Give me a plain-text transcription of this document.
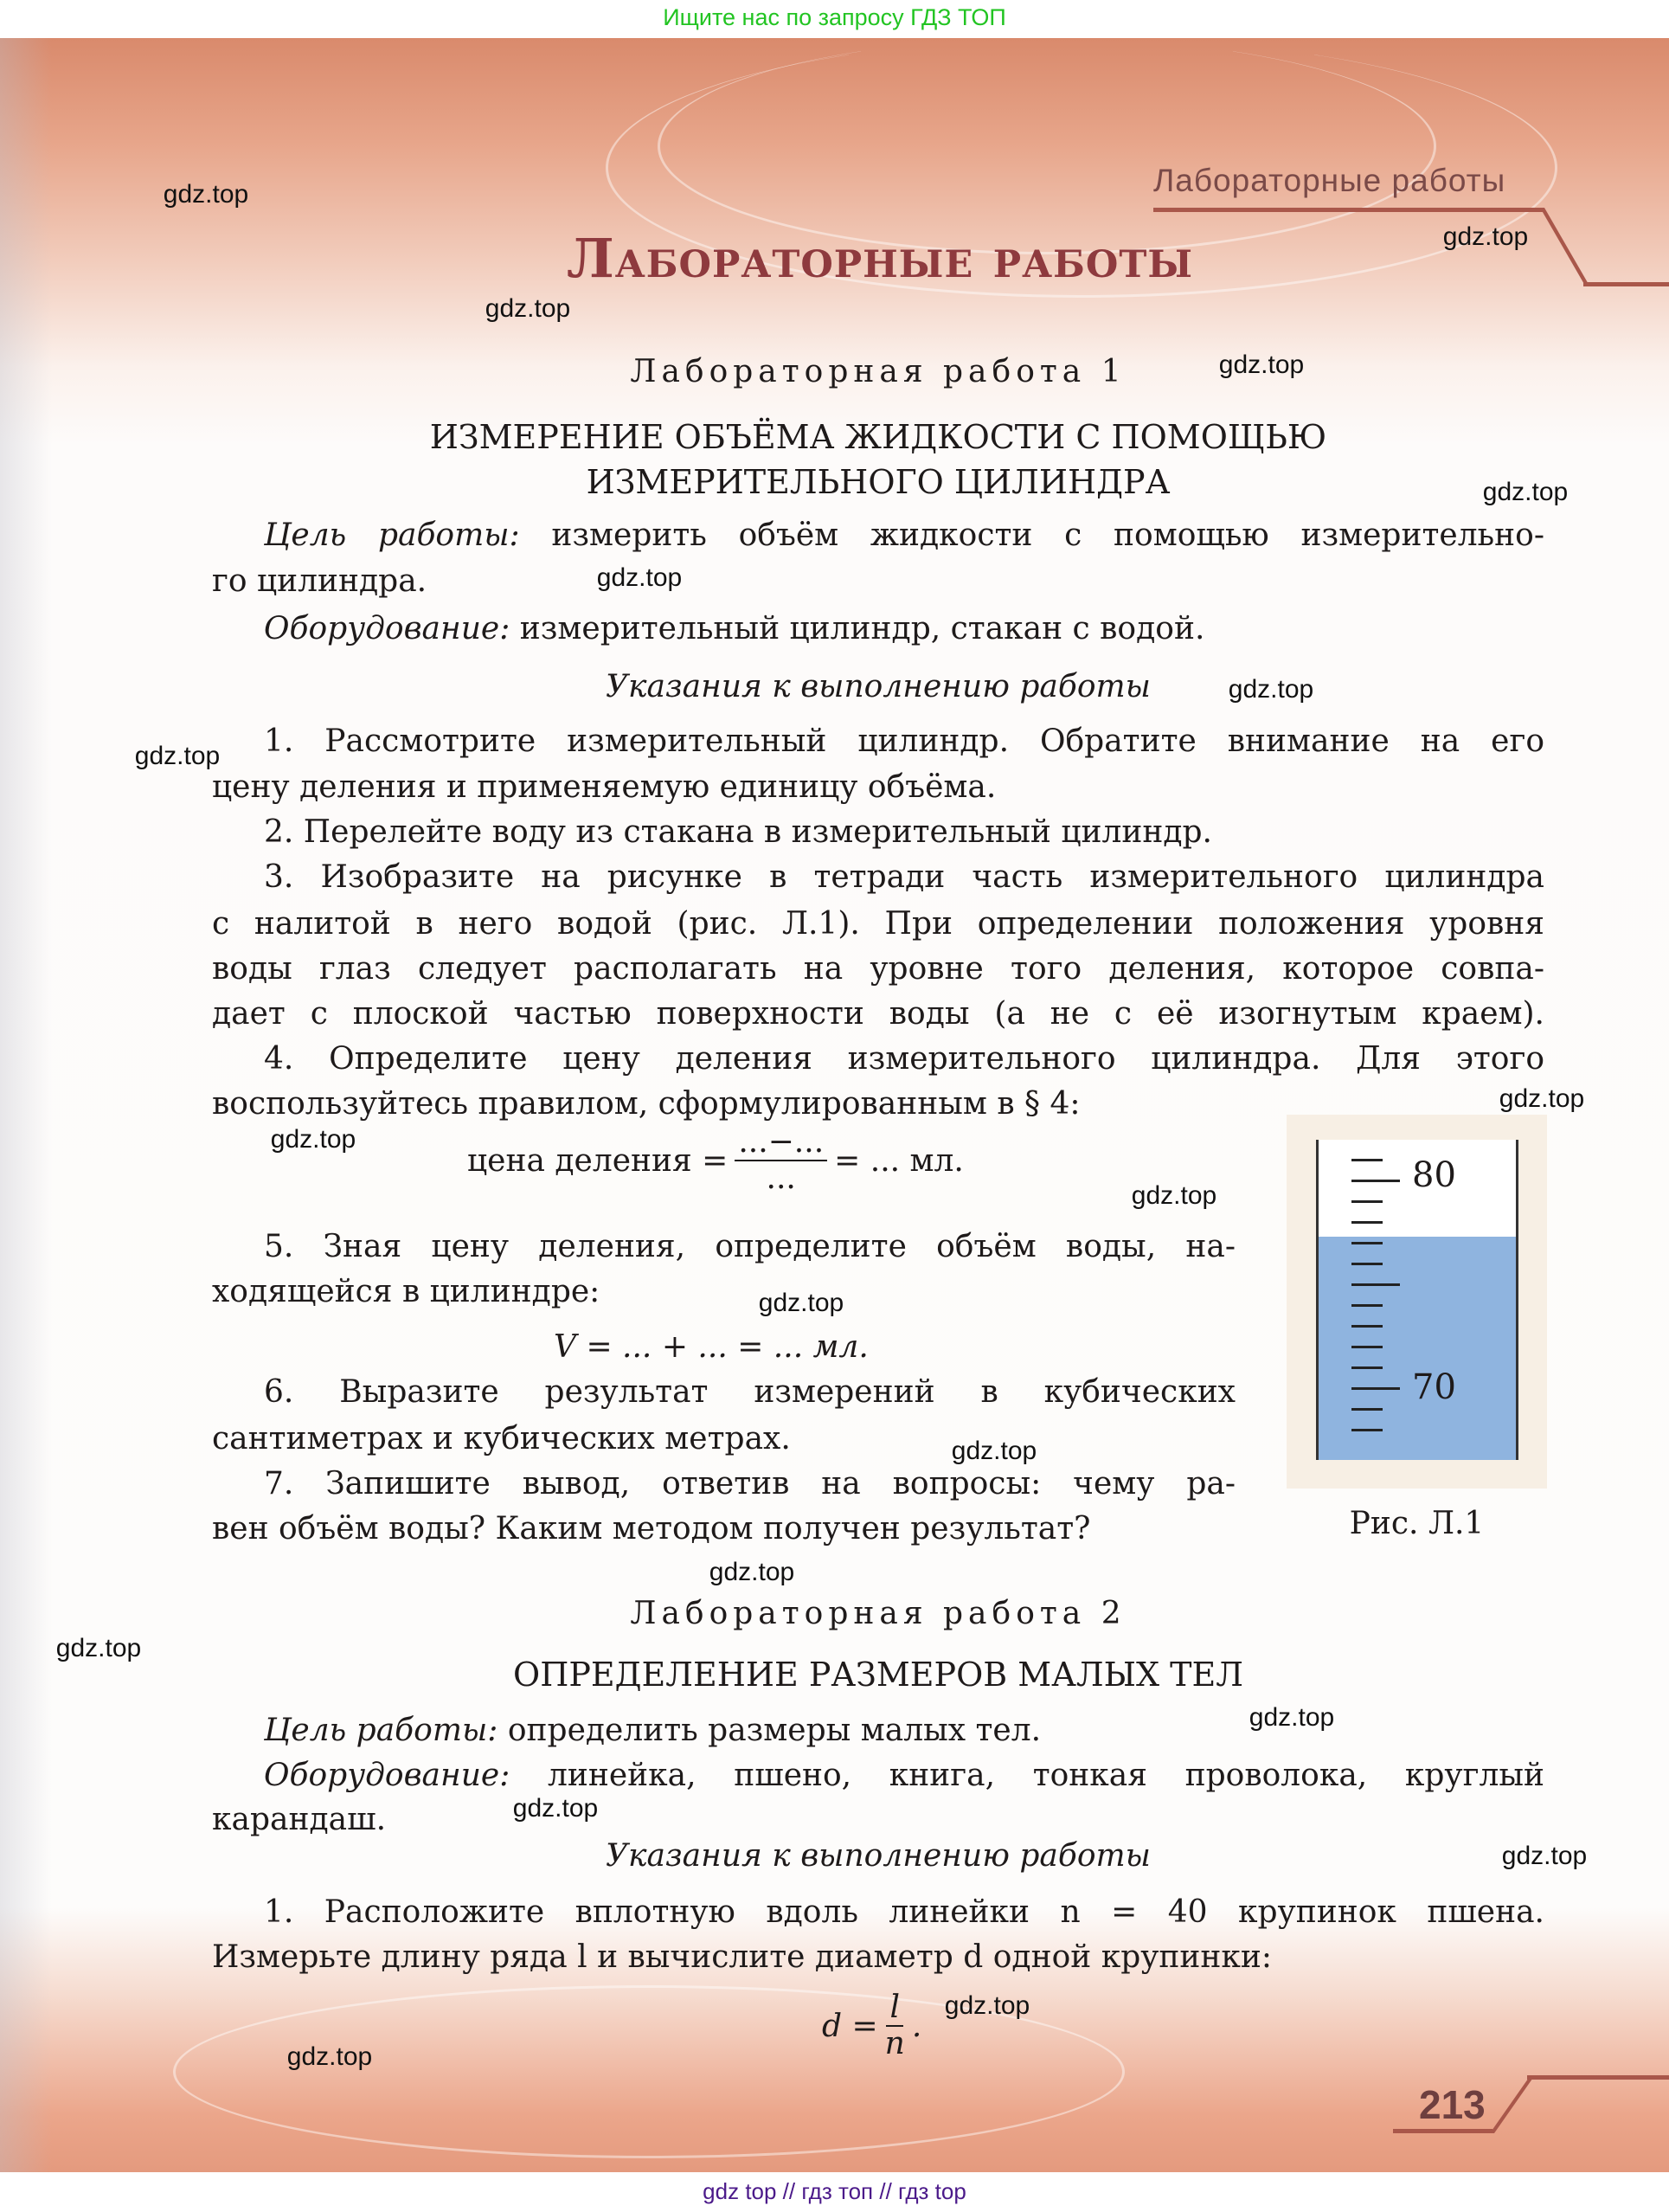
Ищите нас по запросу ГДЗ ТОП
Лабораторные работы
Лабораторные работы
Лабораторная работа 1
ИЗМЕРЕНИЕ ОБЪЁМА ЖИДКОСТИ С ПОМОЩЬЮ
ИЗМЕРИТЕЛЬНОГО ЦИЛИНДРА
Цель работы: измерить объём жидкости с помощью измерительно-
го цилиндра.
Оборудование: измерительный цилиндр, стакан с водой.
Указания к выполнению работы
1. Рассмотрите измерительный цилиндр. Обратите внимание на его
цену деления и применяемую единицу объёма.
2. Перелейте воду из стакана в измерительный цилиндр.
3. Изобразите на рисунке в тетради часть измерительного цилиндра
с налитой в него водой (рис. Л.1). При определении положения уровня
воды глаз следует располагать на уровне того деления, которое совпа-
дает с плоской частью поверхности воды (а не с её изогнутым краем).
4. Определите цену деления измерительного цилиндра. Для этого
воспользуйтесь правилом, сформулированным в § 4:
цена деления = $\frac{...-...}{...}$ = ... мл.
5. Зная цену деления, определите объём воды, на-
ходящейся в цилиндре:
V = ... + ... = ... мл.
6. Выразите результат измерений в кубических
сантиметрах и кубических метрах.
7. Запишите вывод, ответив на вопросы: чему ра-
вен объём воды? Каким методом получен результат?
80
70
Рис. Л.1
Лабораторная работа 2
ОПРЕДЕЛЕНИЕ РАЗМЕРОВ МАЛЫХ ТЕЛ
Цель работы: определить размеры малых тел.
Оборудование: линейка, пшено, книга, тонкая проволока, круглый
карандаш.
Указания к выполнению работы
1. Расположите вплотную вдоль линейки n = 40 крупинок пшена.
Измерьте длину ряда l и вычислите диаметр d одной крупинки:
$d = \frac{l}{n}$ .
213
gdz.top
gdz.top
gdz.top
gdz.top
gdz.top
gdz.top
gdz.top
gdz.top
gdz.top
gdz.top
gdz.top
gdz.top
gdz.top
gdz.top
gdz.top
gdz.top
gdz.top
gdz.top
gdz.top
gdz.top
gdz top // гдз топ // гдз top
